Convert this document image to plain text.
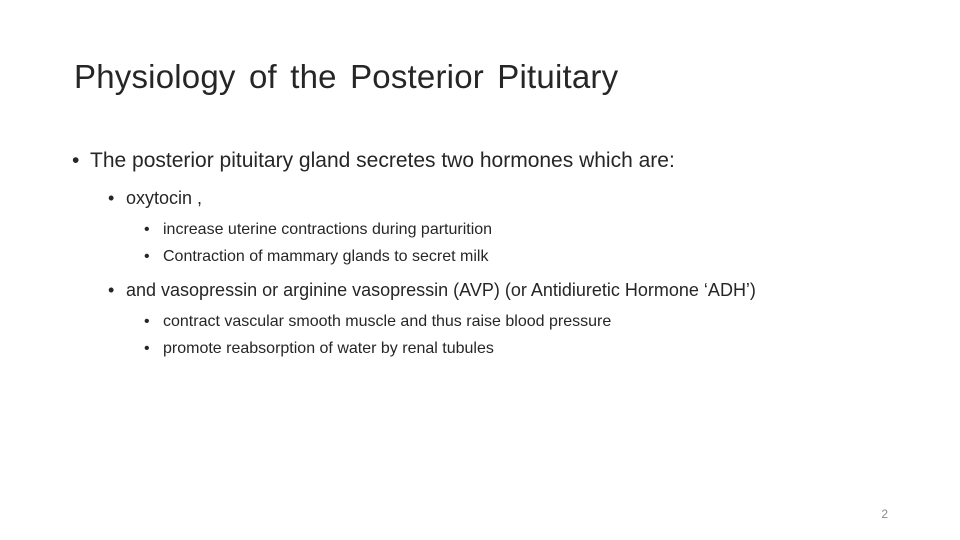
Physiology of the Posterior Pituitary
• The posterior pituitary gland secretes two hormones which are:
• oxytocin ,
• increase uterine contractions during parturition
• Contraction of mammary glands to secret milk
• and vasopressin or arginine vasopressin (AVP) (or Antidiuretic Hormone ‘ADH’)
• contract vascular smooth muscle and thus raise blood pressure
• promote reabsorption of water by renal tubules
2
